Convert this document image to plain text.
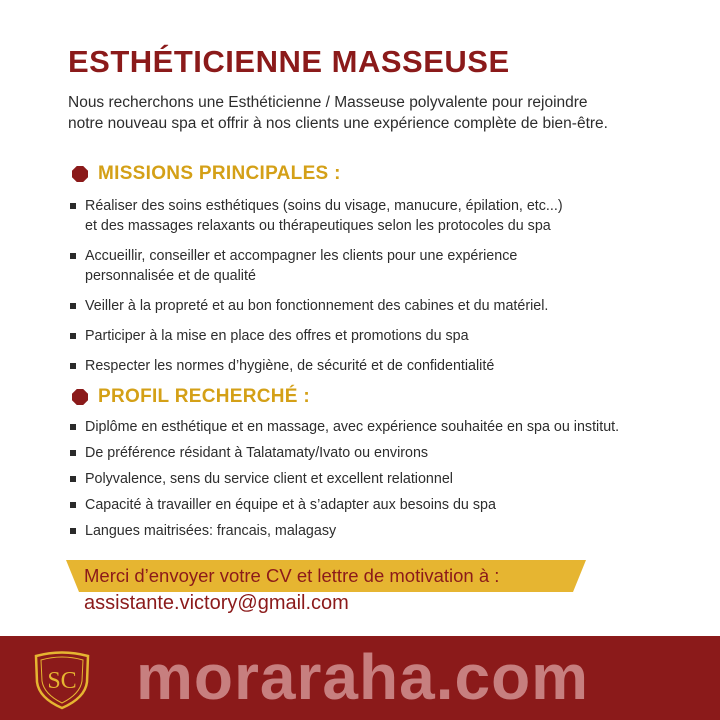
ESTHÉTICIENNE MASSEUSE
Nous recherchons une Esthéticienne / Masseuse polyvalente pour rejoindre
notre nouveau spa et offrir à nos clients une expérience complète de bien-être.
MISSIONS PRINCIPALES :
Réaliser des soins esthétiques (soins du visage, manucure, épilation, etc...)
et des massages relaxants ou thérapeutiques selon les protocoles du spa
Accueillir, conseiller et accompagner les clients pour une expérience
personnalisée et de qualité
Veiller à la propreté et au bon fonctionnement des cabines et du matériel.
Participer à la mise en place des offres et promotions du spa
Respecter les normes d’hygiène, de sécurité et de confidentialité
PROFIL RECHERCHÉ :
Diplôme en esthétique et en massage, avec expérience souhaitée en spa ou institut.
De préférence résidant à Talatamaty/Ivato ou environs
Polyvalence, sens du service client et excellent relationnel
Capacité à travailler en équipe et à s’adapter aux besoins du spa
Langues maitrisées: francais, malagasy
Merci d’envoyer votre CV et lettre de motivation à :
assistante.victory@gmail.com
SC moraraha.com
